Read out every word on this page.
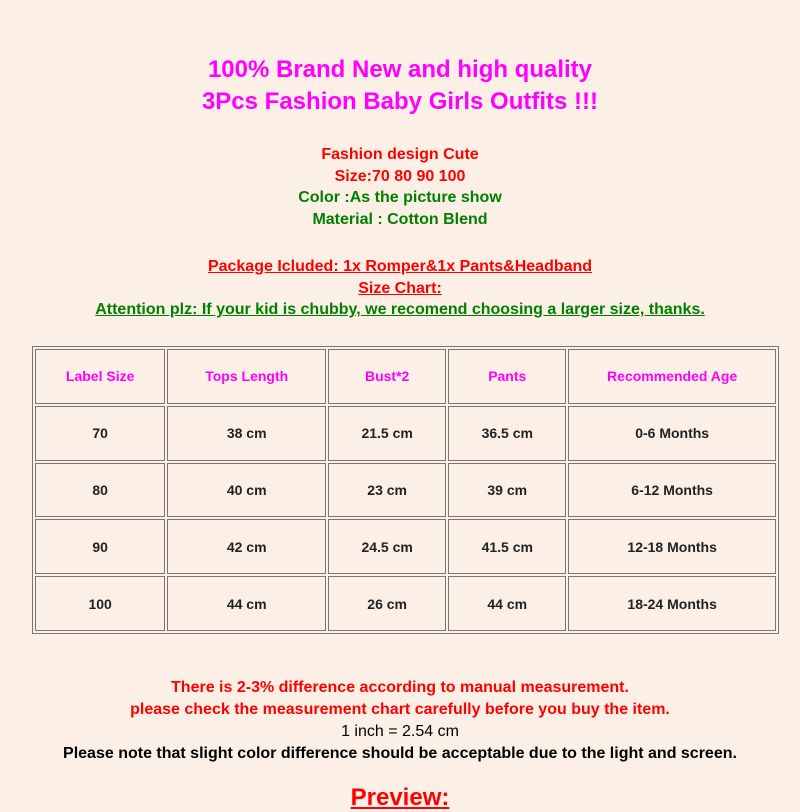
100% Brand New and high quality
3Pcs Fashion Baby Girls Outfits !!!
Fashion design Cute
Size:70 80 90 100
Color :As the picture show
Material : Cotton Blend
Package Icluded: 1x Romper&1x Pants&Headband
Size Chart:
Attention plz: If your kid is chubby, we recomend choosing a larger size, thanks.
Label Size	Tops Length	Bust*2	Pants	Recommended Age
70	38 cm	21.5 cm	36.5 cm	0-6 Months
80	40 cm	23 cm	39 cm	6-12 Months
90	42 cm	24.5 cm	41.5 cm	12-18 Months
100	44 cm	26 cm	44 cm	18-24 Months
There is 2-3% difference according to manual measurement.
please check the measurement chart carefully before you buy the item.
1 inch = 2.54 cm
Please note that slight color difference should be acceptable due to the light and screen.
Preview:
